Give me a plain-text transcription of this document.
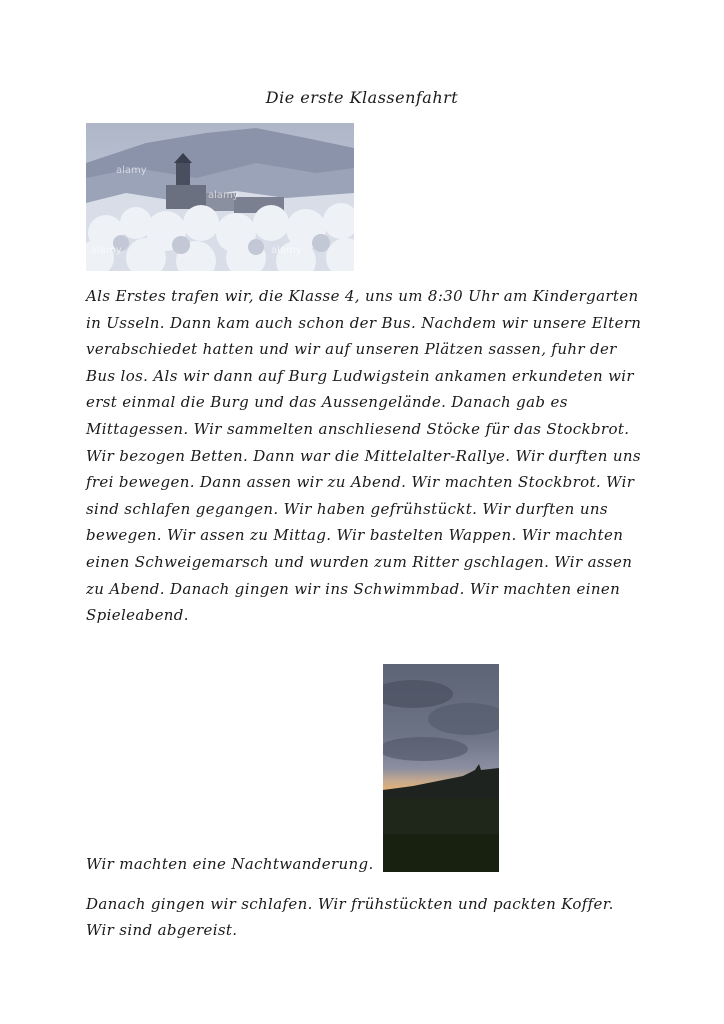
Die erste Klassenfahrt
alamy
alamy
alamy	alamy

Als Erstes trafen wir, die Klasse 4, uns um 8:30 Uhr am Kindergarten in Usseln. Dann kam auch schon der Bus. Nachdem wir unsere Eltern verabschiedet hatten und wir auf unseren Plätzen sassen, fuhr der Bus los. Als wir dann auf Burg Ludwigstein ankamen erkundeten wir erst einmal die Burg und das Aussengelände. Danach gab es Mittagessen. Wir sammelten anschliesend Stöcke für das Stockbrot. Wir bezogen Betten. Dann war die Mittelalter-Rallye. Wir durften uns frei bewegen. Dann assen wir zu Abend. Wir machten Stockbrot. Wir sind schlafen gegangen. Wir haben gefrühstückt. Wir durften uns bewegen. Wir assen zu Mittag. Wir bastelten Wappen. Wir machten einen Schweigemarsch und wurden zum Ritter gschlagen. Wir assen zu Abend. Danach gingen wir ins Schwimmbad. Wir machten einen Spieleabend.

Wir machten eine Nachtwanderung.

Danach gingen wir schlafen. Wir frühstückten und packten Koffer. Wir sind abgereist.
